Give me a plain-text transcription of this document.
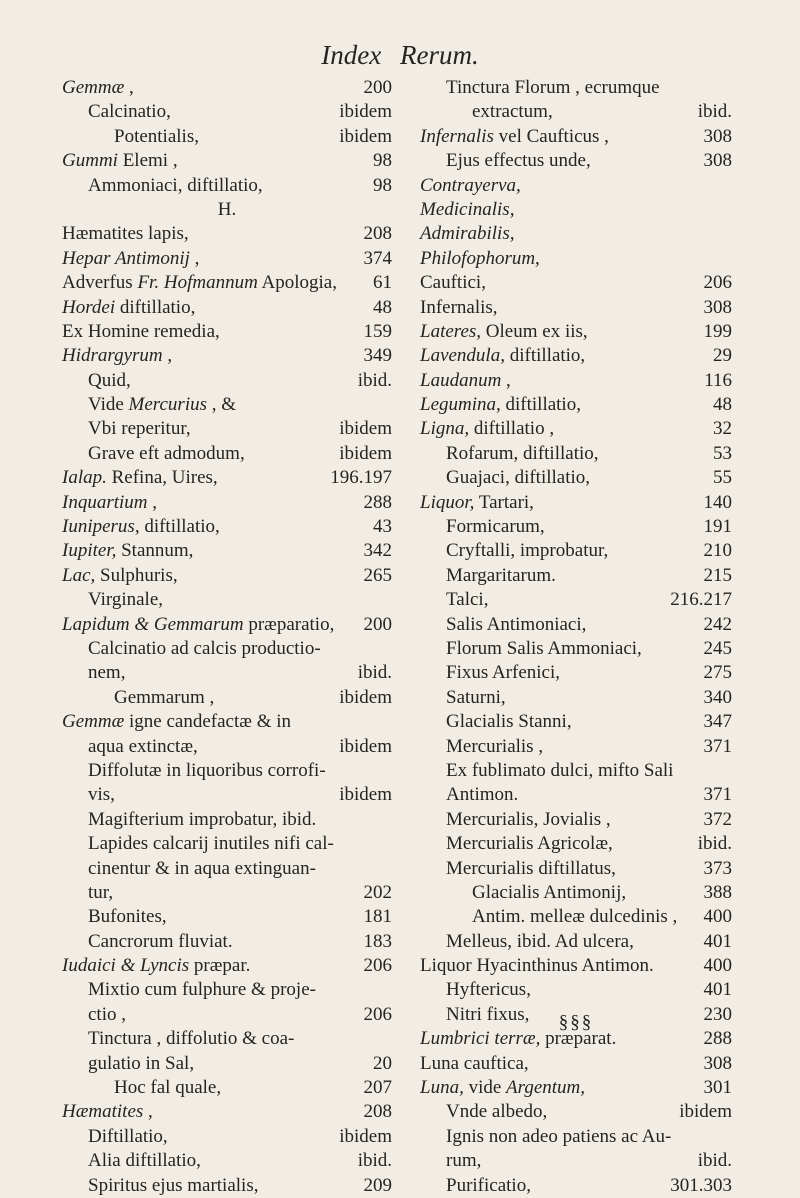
Index Rerum.
Gemmæ ,	200
Calcinatio,	ibidem
Potentialis,	ibidem
Gummi Elemi ,	98
Ammoniaci, diftillatio,	98
H.
Hæmatites lapis,	208
Hepar Antimonij ,	374
Adverfus Fr. Hofmannum Apologia,	61
Hordei diftillatio,	48
Ex Homine remedia,	159
Hidrargyrum ,	349
Quid,	ibid.
Vide Mercurius , &
Vbi reperitur,	ibidem
Grave eft admodum,	ibidem
Ialap. Refina, Uires,	196.197
Inquartium ,	288
Iuniperus, diftillatio,	43
Iupiter, Stannum,	342
Lac, Sulphuris,	265
Virginale,
Lapidum & Gemmarum præparatio,	200
Calcinatio ad calcis productio-
nem,	ibid.
Gemmarum ,	ibidem
Gemmæ igne candefactæ & in
aqua extinctæ,	ibidem
Diffolutæ in liquoribus corrofi-
vis,	ibidem
Magifterium improbatur, ibid.
Lapides calcarij inutiles nifi cal-
cinentur & in aqua extinguan-
tur,	202
Bufonites,	181
Cancrorum fluviat.	183
Iudaici & Lyncis præpar.	206
Mixtio cum fulphure & proje-
ctio ,	206
Tinctura , diffolutio & coa-
gulatio in Sal,	20
Hoc fal quale,	207
Hæmatites ,	208
Diftillatio,	ibidem
Alia diftillatio,	ibid.
Spiritus ejus martialis,	209
Tinctura Florum , ecrumque
extractum,	ibid.
Infernalis vel Caufticus ,	308
Ejus effectus unde,	308
Contrayerva,
Medicinalis,
Admirabilis,
Philofophorum,
Cauftici,	206
Infernalis,	308
Lateres, Oleum ex iis,	199
Lavendula, diftillatio,	29
Laudanum ,	116
Legumina, diftillatio,	48
Ligna, diftillatio ,	32
Rofarum, diftillatio,	53
Guajaci, diftillatio,	55
Liquor, Tartari,	140
Formicarum,	191
Cryftalli, improbatur,	210
Margaritarum.	215
Talci,	216.217
Salis Antimoniaci,	242
Florum Salis Ammoniaci,	245
Fixus Arfenici,	275
Saturni,	340
Glacialis Stanni,	347
Mercurialis ,	371
Ex fublimato dulci, mifto Sali
Antimon.	371
Mercurialis, Jovialis ,	372
Mercurialis Agricolæ,	ibid.
Mercurialis diftillatus,	373
Glacialis Antimonij,	388
Antim. melleæ dulcedinis ,	400
Melleus, ibid. Ad ulcera,	401
Liquor Hyacinthinus Antimon.	400
Hyftericus,	401
Nitri fixus,	230
Lumbrici terræ, præparat.	288
Luna cauftica,	308
Luna, vide Argentum,	301
Vnde albedo,	ibidem
Ignis non adeo patiens ac Au-
rum,	ibid.
Purificatio,	301.303
§§§
